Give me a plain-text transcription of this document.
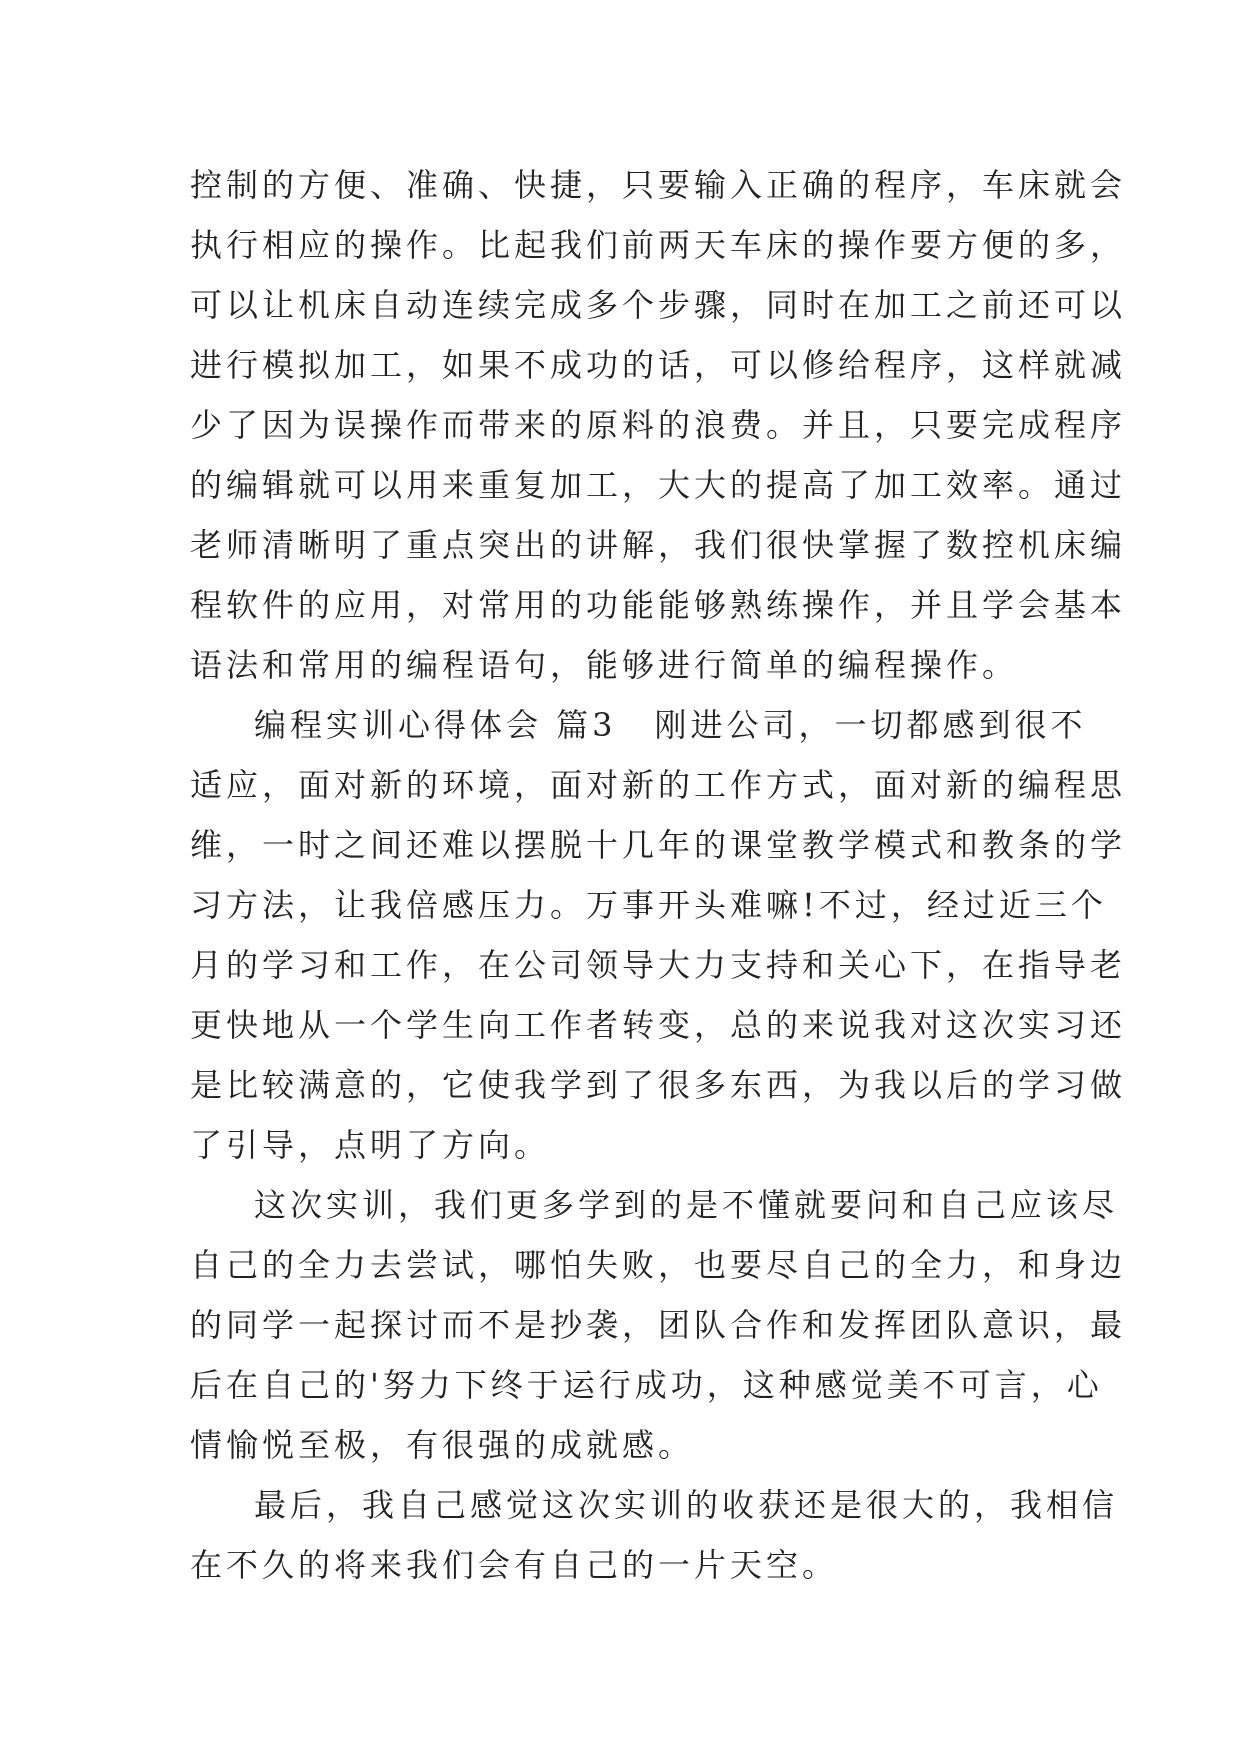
控制的方便、准确、快捷，只要输入正确的程序，车床就会
执行相应的操作。比起我们前两天车床的操作要方便的多，
可以让机床自动连续完成多个步骤，同时在加工之前还可以
进行模拟加工，如果不成功的话，可以修给程序，这样就减
少了因为误操作而带来的原料的浪费。并且，只要完成程序
的编辑就可以用来重复加工，大大的提高了加工效率。通过
老师清晰明了重点突出的讲解，我们很快掌握了数控机床编
程软件的应用，对常用的功能能够熟练操作，并且学会基本
语法和常用的编程语句，能够进行简单的编程操作。
编程实训心得体会 篇3 刚进公司，一切都感到很不
适应，面对新的环境，面对新的工作方式，面对新的编程思
维，一时之间还难以摆脱十几年的课堂教学模式和教条的学
习方法，让我倍感压力。万事开头难嘛!不过，经过近三个
月的学习和工作，在公司领导大力支持和关心下，在指导老
更快地从一个学生向工作者转变，总的来说我对这次实习还
是比较满意的，它使我学到了很多东西，为我以后的学习做
了引导，点明了方向。
这次实训，我们更多学到的是不懂就要问和自己应该尽
自己的全力去尝试，哪怕失败，也要尽自己的全力，和身边
的同学一起探讨而不是抄袭，团队合作和发挥团队意识，最
后在自己的'努力下终于运行成功，这种感觉美不可言，心
情愉悦至极，有很强的成就感。
最后，我自己感觉这次实训的收获还是很大的，我相信
在不久的将来我们会有自己的一片天空。
